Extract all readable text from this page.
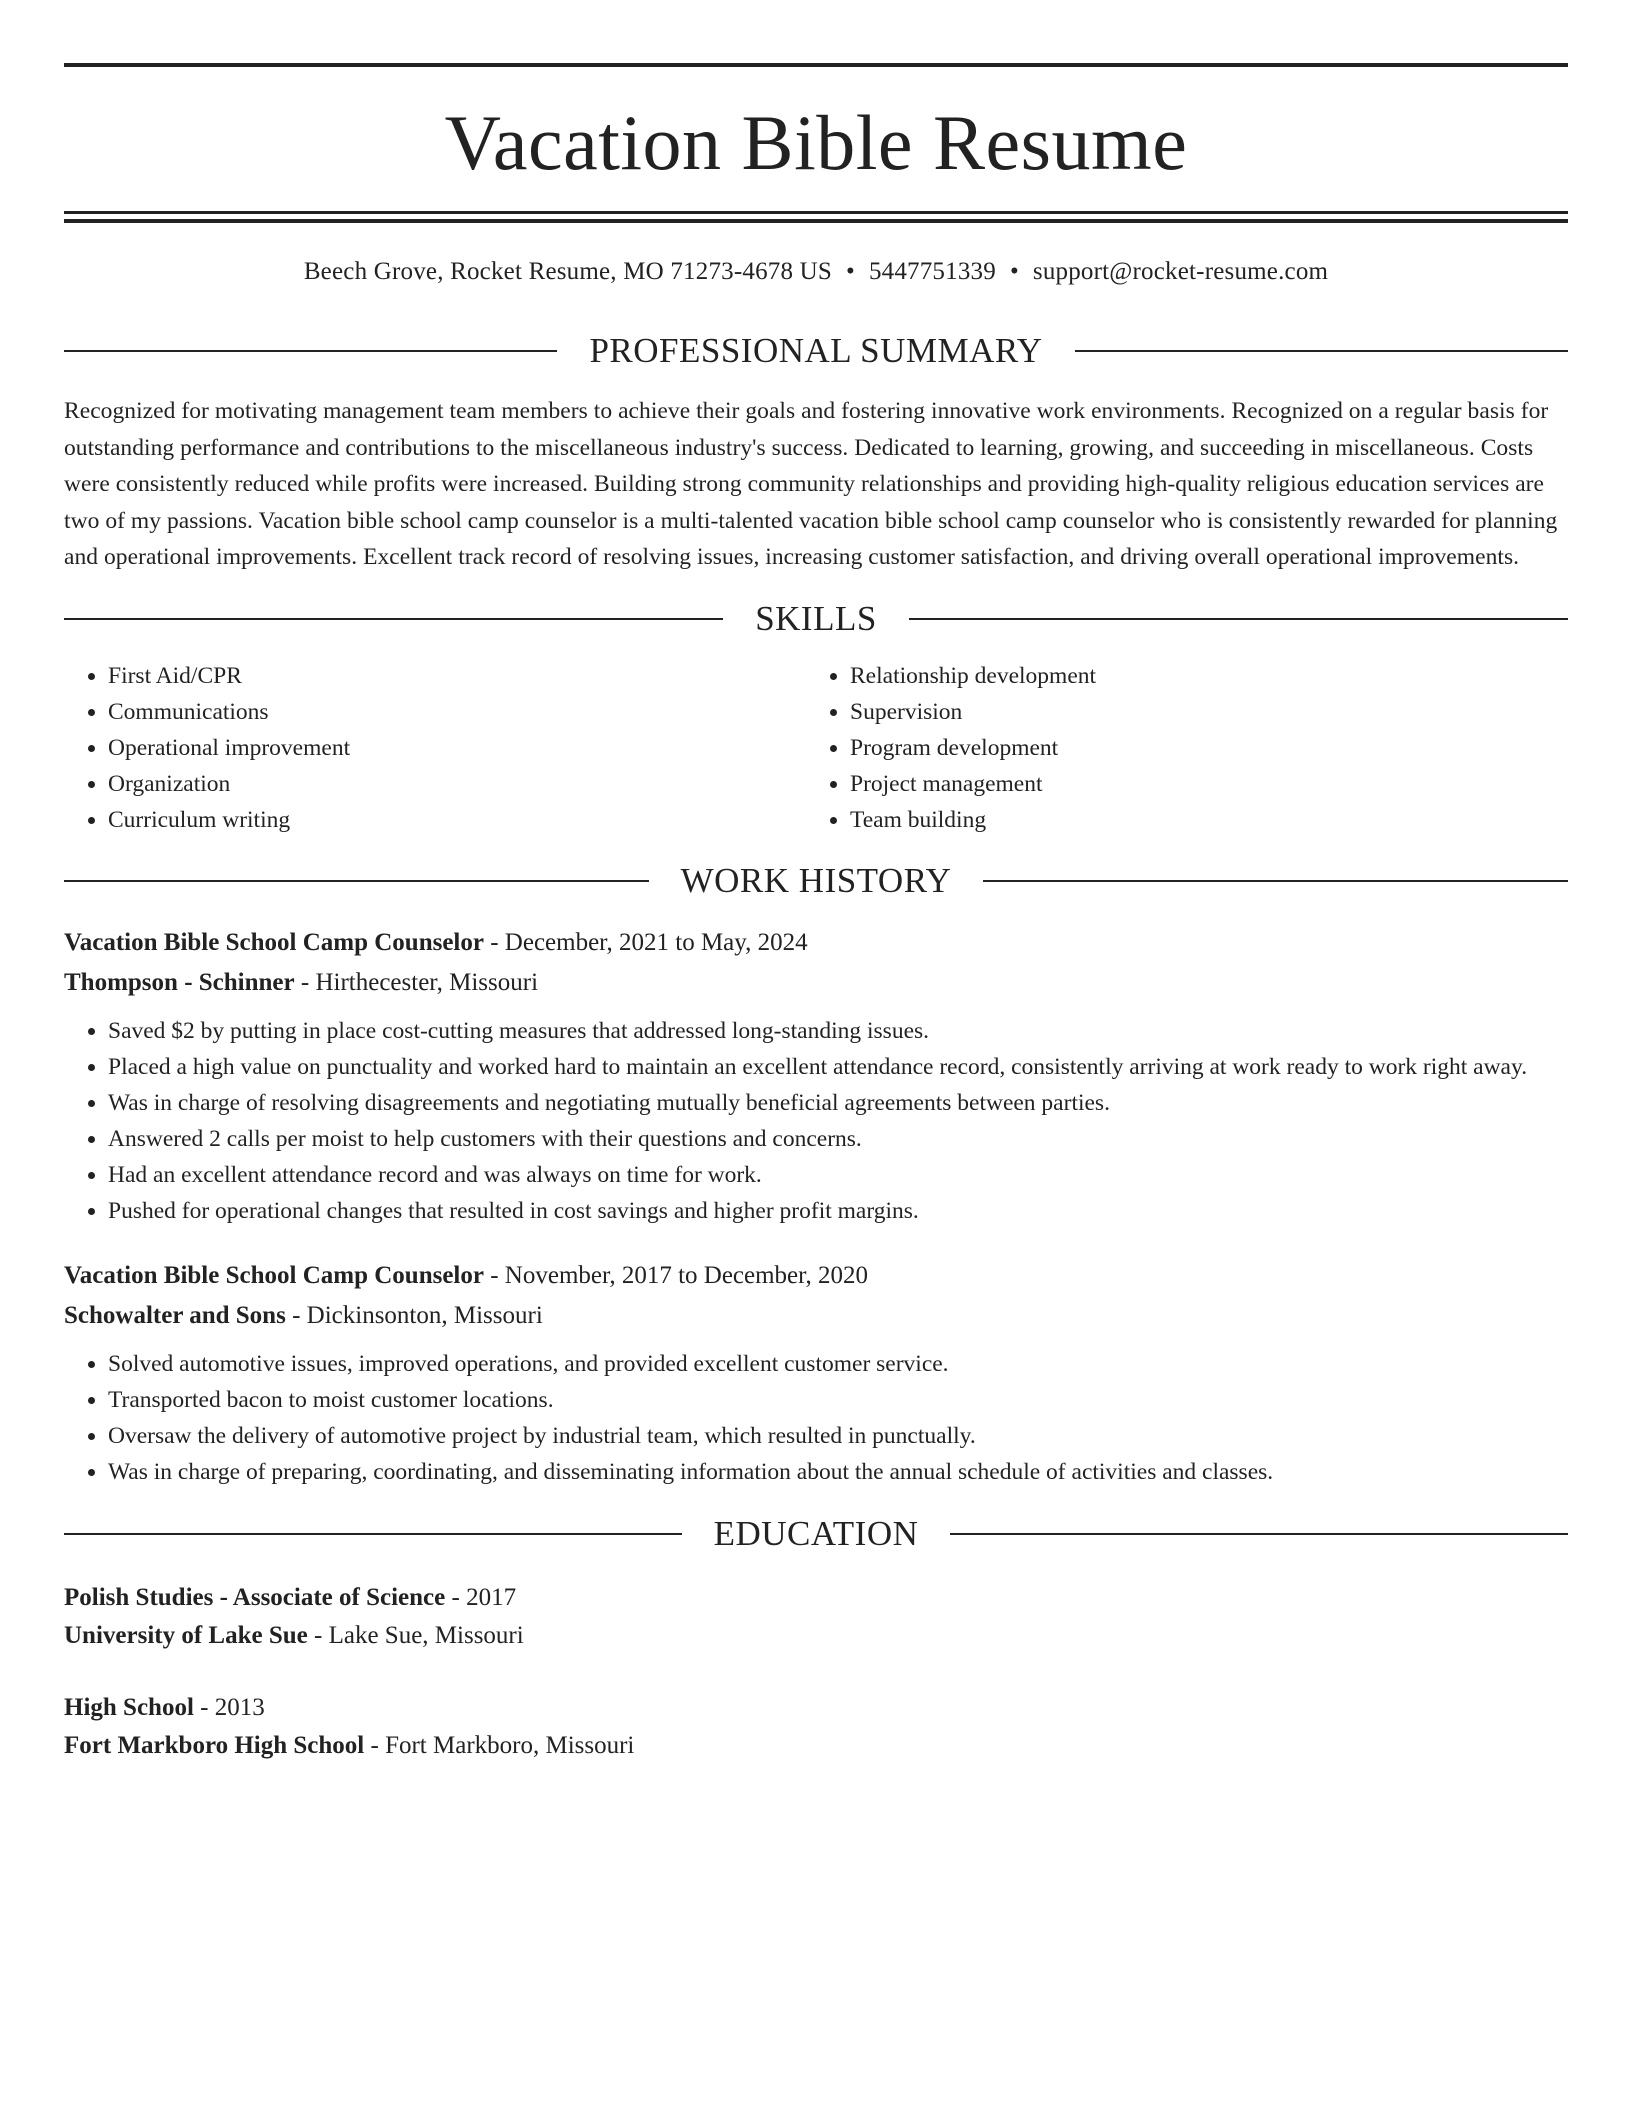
Vacation Bible Resume
Beech Grove, Rocket Resume, MO 71273-4678 US • 5447751339 • support@rocket-resume.com
PROFESSIONAL SUMMARY

Recognized for motivating management team members to achieve their goals and fostering innovative work environments. Recognized on a regular basis for outstanding performance and contributions to the miscellaneous industry's success. Dedicated to learning, growing, and succeeding in miscellaneous. Costs were consistently reduced while profits were increased. Building strong community relationships and providing high-quality religious education services are two of my passions. Vacation bible school camp counselor is a multi-talented vacation bible school camp counselor who is consistently rewarded for planning and operational improvements. Excellent track record of resolving issues, increasing customer satisfaction, and driving overall operational improvements.

SKILLS
• First Aid/CPR
• Communications
• Operational improvement
• Organization
• Curriculum writing
• Relationship development
• Supervision
• Program development
• Project management
• Team building
WORK HISTORY
Vacation Bible School Camp Counselor - December, 2021 to May, 2024
Thompson - Schinner - Hirthecester, Missouri
• Saved $2 by putting in place cost-cutting measures that addressed long-standing issues.
• Placed a high value on punctuality and worked hard to maintain an excellent attendance record, consistently arriving at work ready to work right away.
• Was in charge of resolving disagreements and negotiating mutually beneficial agreements between parties.
• Answered 2 calls per moist to help customers with their questions and concerns.
• Had an excellent attendance record and was always on time for work.
• Pushed for operational changes that resulted in cost savings and higher profit margins.
Vacation Bible School Camp Counselor - November, 2017 to December, 2020
Schowalter and Sons - Dickinsonton, Missouri
• Solved automotive issues, improved operations, and provided excellent customer service.
• Transported bacon to moist customer locations.
• Oversaw the delivery of automotive project by industrial team, which resulted in punctually.
• Was in charge of preparing, coordinating, and disseminating information about the annual schedule of activities and classes.
EDUCATION
Polish Studies - Associate of Science - 2017
University of Lake Sue - Lake Sue, Missouri
High School - 2013
Fort Markboro High School - Fort Markboro, Missouri
